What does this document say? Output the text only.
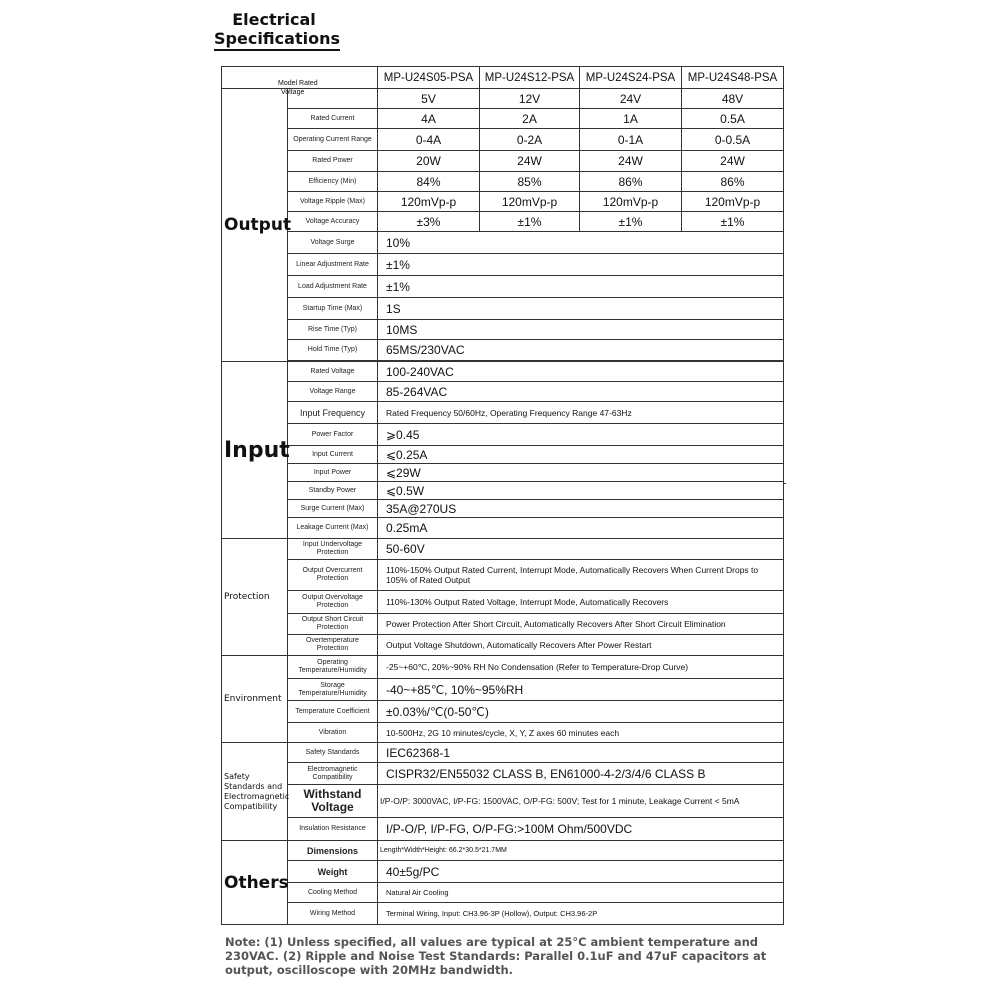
Electrical
Specifications
Model Rated
Voltage		MP-U24S05-PSA	MP-U24S12-PSA	MP-U24S24-PSA	MP-U24S48-PSA
Output		5V	12V	24V	48V
	Rated Current	4A	2A	1A	0.5A
	Operating Current Range	0-4A	0-2A	0-1A	0-0.5A
	Rated Power	20W	24W	24W	24W
	Efficiency (Min)	84%	85%	86%	86%
	Voltage Ripple (Max)	120mVp-p	120mVp-p	120mVp-p	120mVp-p
	Voltage Accuracy	±3%	±1%	±1%	±1%
	Voltage Surge	10%			
	Linear Adjustment Rate	±1%			
	Load Adjustment Rate	±1%			
	Startup Time (Max)	1S			
	Rise Time (Typ)	10MS			
	Hold Time (Typ)	65MS/230VAC			

Input	Rated Voltage	100-240VAC			
	Voltage Range	85-264VAC			
	Input Frequency	Rated Frequency 50/60Hz, Operating Frequency Range 47-63Hz			
	Power Factor	⩾0.45			
	Input Current	⩽0.25A			
	Input Power	⩽29W			
	Standby Power	⩽0.5W			
	Surge Current (Max)	35A@270US			
	Leakage Current (Max)	0.25mA			
Protection	Input Undervoltage Protection	50-60V			
	Output Overcurrent Protection	110%-150% Output Rated Current, Interrupt Mode, Automatically Recovers When Current Drops to 105% of Rated Output			
	Output Overvoltage Protection	110%-130% Output Rated Voltage, Interrupt Mode, Automatically Recovers			
	Output Short Circuit Protection	Power Protection After Short Circuit, Automatically Recovers After Short Circuit Elimination			
	Overtemperature Protection	Output Voltage Shutdown, Automatically Recovers After Power Restart			
Environment	Operating Temperature/Humidity	-25~+60℃, 20%~90% RH No Condensation (Refer to Temperature-Drop Curve)			
	Storage Temperature/Humidity	-40~+85℃, 10%~95%RH			
	Temperature Coefficient	±0.03%/℃(0-50℃)			
	Vibration	10-500Hz, 2G 10 minutes/cycle, X, Y, Z axes 60 minutes each			
Safety Standards and Electromagnetic Compatibility	Safety Standards	IEC62368-1			
	Electromagnetic Compatibility	CISPR32/EN55032 CLASS B, EN61000-4-2/3/4/6 CLASS B			
	Withstand Voltage	I/P-O/P: 3000VAC, I/P-FG: 1500VAC, O/P-FG: 500V; Test for 1 minute, Leakage Current < 5mA			
	Insulation Resistance	I/P-O/P, I/P-FG, O/P-FG:>100M Ohm/500VDC			
Others	Dimensions	Length*Width*Height: 66.2*30.5*21.7MM			
	Weight	40±5g/PC			
	Cooling Method	Natural Air Cooling			
	Wiring Method	Terminal Wiring, Input: CH3.96-3P (Hollow), Output: CH3.96-2P			
Note: (1) Unless specified, all values are typical at 25°C ambient temperature and 230VAC. (2) Ripple and Noise Test Standards: Parallel 0.1uF and 47uF capacitors at output, oscilloscope with 20MHz bandwidth.
